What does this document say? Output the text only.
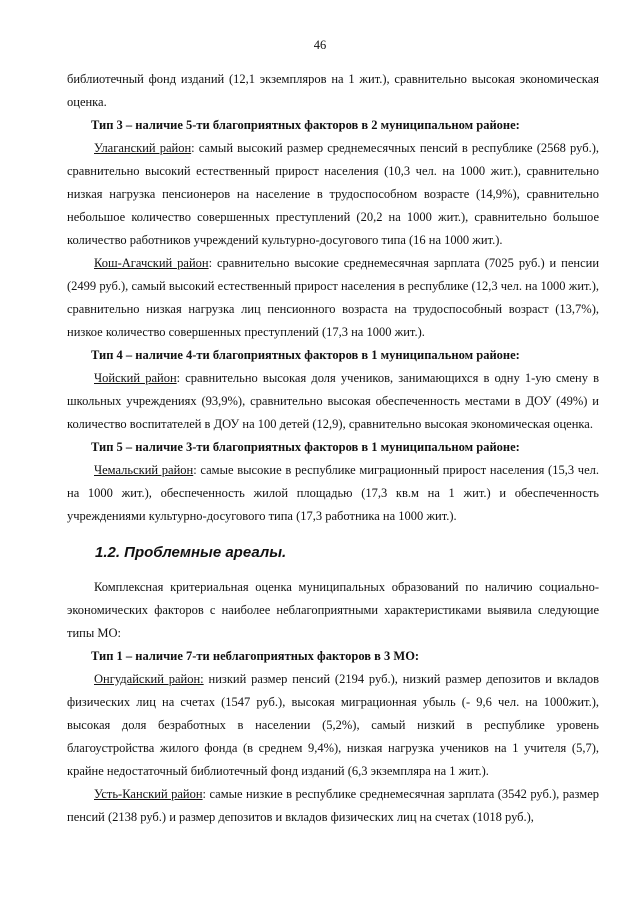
46

библиотечный фонд изданий (12,1 экземпляров на 1 жит.), сравнительно высокая экономическая оценка.

Тип 3 – наличие 5-ти благоприятных факторов в 2 муниципальном районе:

Улаганский район: самый высокий размер среднемесячных пенсий в республике (2568 руб.), сравнительно высокий естественный прирост населения (10,3 чел. на 1000 жит.), сравнительно низкая нагрузка пенсионеров на население в трудоспособном возрасте (14,9%), сравнительно небольшое количество совершенных преступлений (20,2 на 1000 жит.), сравнительно большое количество работников учреждений культурно-досугового типа (16 на 1000 жит.).

Кош-Агачский район: сравнительно высокие среднемесячная зарплата (7025 руб.) и пенсии (2499 руб.), самый высокий естественный прирост населения в республике (12,3 чел. на 1000 жит.), сравнительно низкая нагрузка лиц пенсионного возраста на трудоспособный возраст (13,7%), низкое количество совершенных преступлений (17,3 на 1000 жит.).

Тип 4 – наличие 4-ти благоприятных факторов в 1 муниципальном районе:

Чойский район: сравнительно высокая доля учеников, занимающихся в одну 1-ую смену в школьных учреждениях (93,9%), сравнительно высокая обеспеченность местами в ДОУ (49%) и количество воспитателей в ДОУ на 100 детей (12,9), сравнительно высокая экономическая оценка.

Тип 5 – наличие 3-ти благоприятных факторов в 1 муниципальном районе:

Чемальский район: самые высокие в республике миграционный прирост населения (15,3 чел. на 1000 жит.), обеспеченность жилой площадью (17,3 кв.м на 1 жит.) и обеспеченность учреждениями культурно-досугового типа (17,3 работника на 1000 жит.).

1.2. Проблемные ареалы.

Комплексная критериальная оценка муниципальных образований по наличию социально-экономических факторов с наиболее неблагоприятными характеристиками выявила следующие типы МО:

Тип 1 – наличие 7-ти неблагоприятных факторов в 3 МО:

Онгудайский район: низкий размер пенсий (2194 руб.), низкий размер депозитов и вкладов физических лиц на счетах (1547 руб.), высокая миграционная убыль (- 9,6 чел. на 1000жит.), высокая доля безработных в населении (5,2%), самый низкий в республике уровень благоустройства жилого фонда (в среднем 9,4%), низкая нагрузка учеников на 1 учителя (5,7), крайне недостаточный библиотечный фонд изданий (6,3 экземпляра на 1 жит.).

Усть-Канский район: самые низкие в республике среднемесячная зарплата (3542 руб.), размер пенсий (2138 руб.) и размер депозитов и вкладов физических лиц на счетах (1018 руб.),
